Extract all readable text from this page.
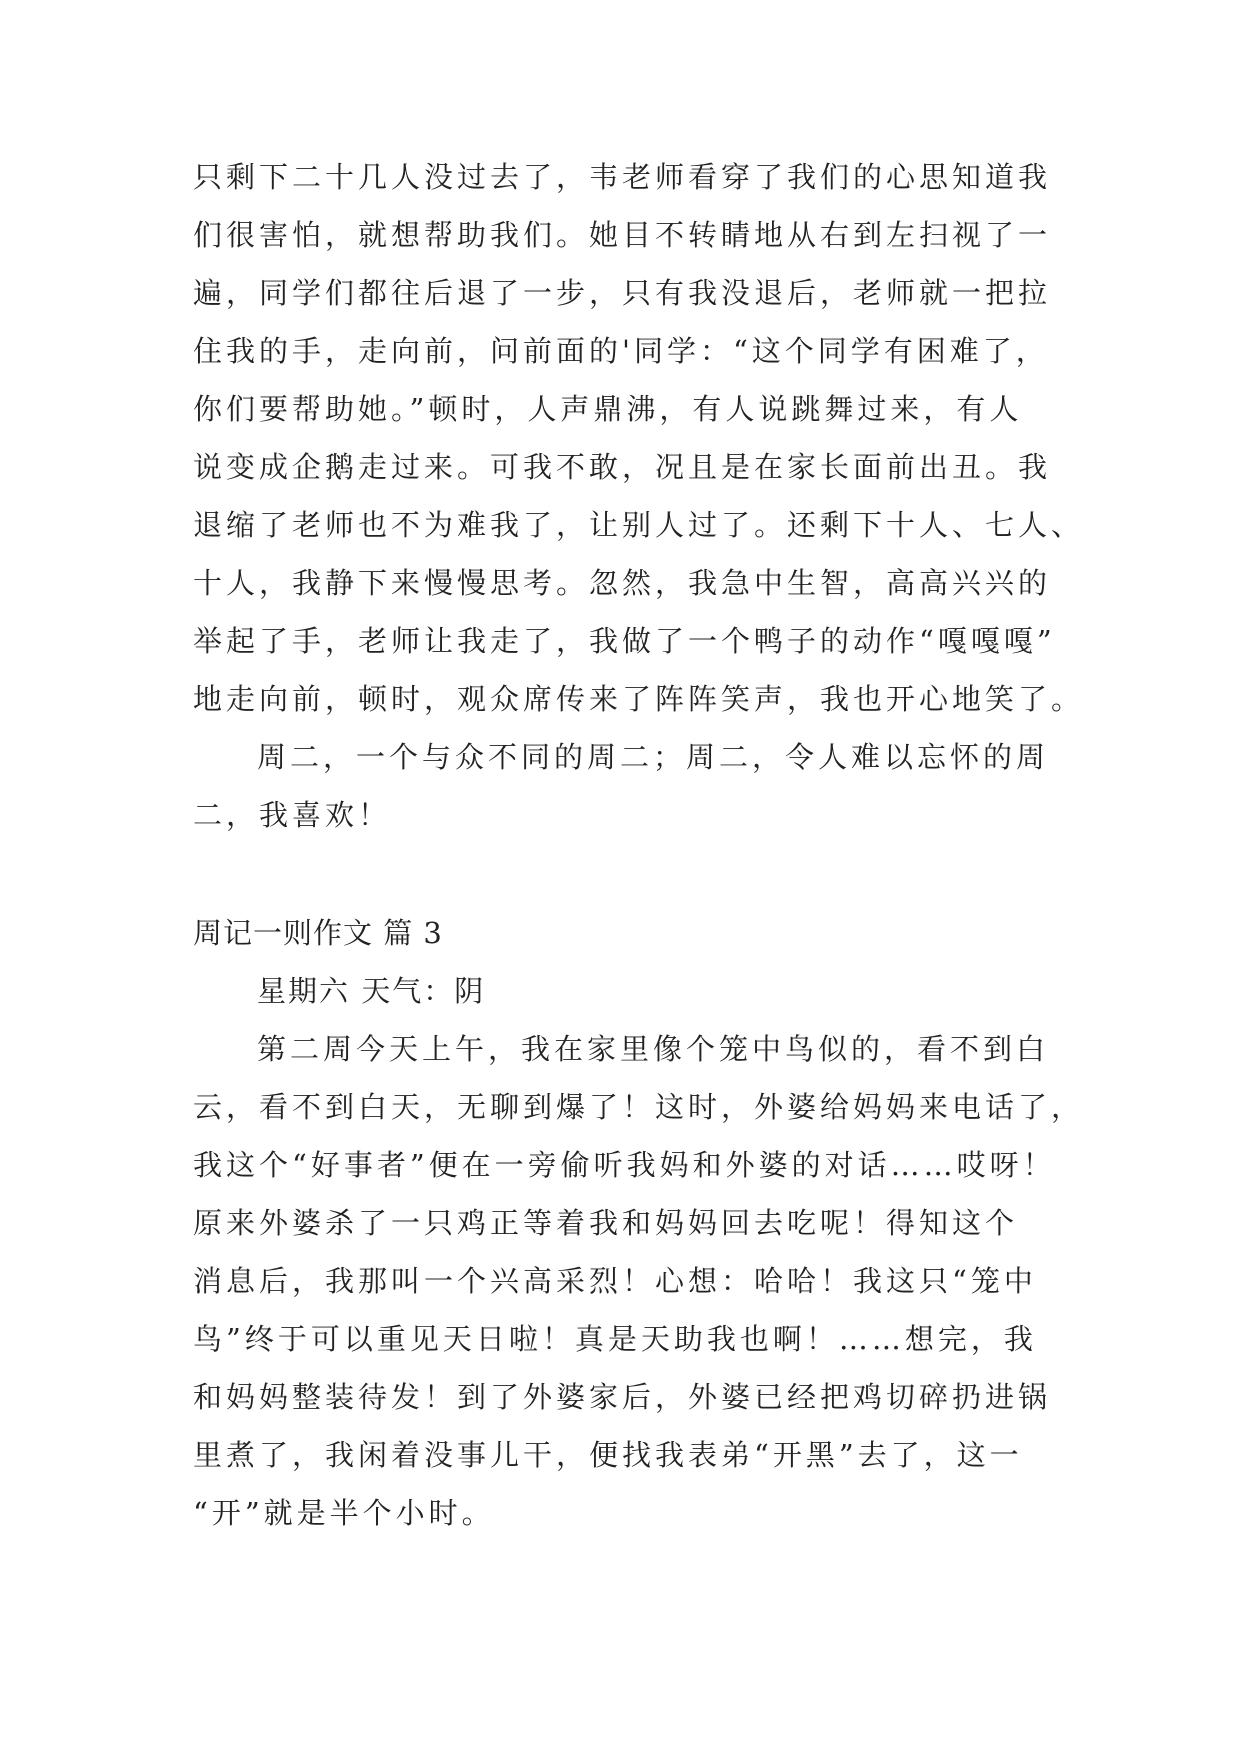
只剩下二十几人没过去了，韦老师看穿了我们的心思知道我
们很害怕，就想帮助我们。她目不转睛地从右到左扫视了一
遍，同学们都往后退了一步，只有我没退后，老师就一把拉
住我的手，走向前，问前面的'同学：“这个同学有困难了，
你们要帮助她。”顿时，人声鼎沸，有人说跳舞过来，有人
说变成企鹅走过来。可我不敢，况且是在家长面前出丑。我
退缩了老师也不为难我了，让别人过了。还剩下十人、七人、
十人，我静下来慢慢思考。忽然，我急中生智，高高兴兴的
举起了手，老师让我走了，我做了一个鸭子的动作“嘎嘎嘎”
地走向前，顿时，观众席传来了阵阵笑声，我也开心地笑了。
周二，一个与众不同的周二；周二，令人难以忘怀的周
二，我喜欢！
周记一则作文 篇 3
星期六 天气：阴
第二周今天上午，我在家里像个笼中鸟似的，看不到白
云，看不到白天，无聊到爆了！这时，外婆给妈妈来电话了，
我这个“好事者”便在一旁偷听我妈和外婆的对话……哎呀！
原来外婆杀了一只鸡正等着我和妈妈回去吃呢！得知这个
消息后，我那叫一个兴高采烈！心想：哈哈！我这只“笼中
鸟”终于可以重见天日啦！真是天助我也啊！……想完，我
和妈妈整装待发！到了外婆家后，外婆已经把鸡切碎扔进锅
里煮了，我闲着没事儿干，便找我表弟“开黑”去了，这一
“开”就是半个小时。
